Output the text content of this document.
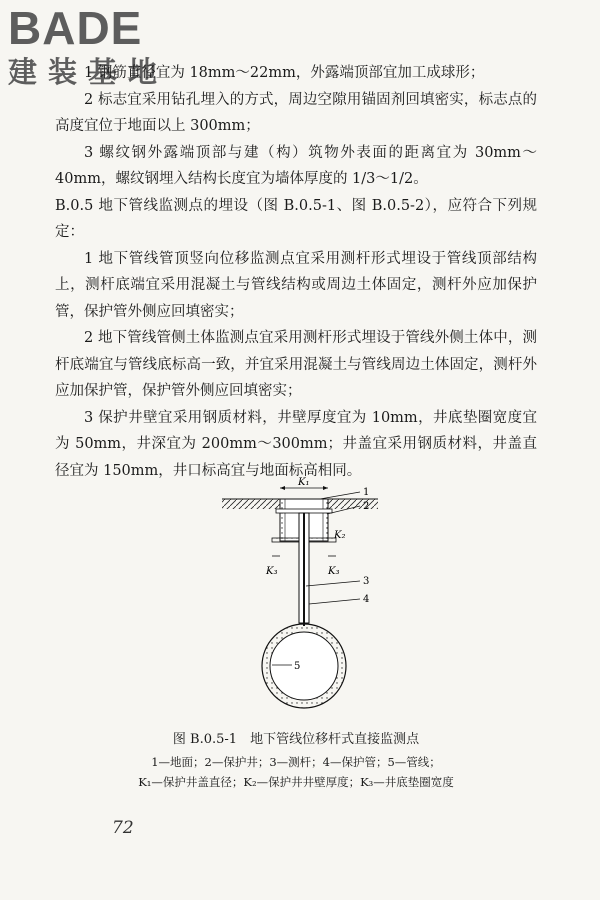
BADE
建装基地

1 钢筋直径宜为 18mm～22mm，外露端顶部宜加工成球形；

2 标志宜采用钻孔埋入的方式，周边空隙用锚固剂回填密实，标志点的高度宜位于地面以上 300mm；

3 螺纹钢外露端顶部与建（构）筑物外表面的距离宜为 30mm～40mm，螺纹钢埋入结构长度宜为墙体厚度的 1/3～1/2。

B.0.5 地下管线监测点的埋设（图 B.0.5-1、图 B.0.5-2），应符合下列规定：

1 地下管线管顶竖向位移监测点宜采用测杆形式埋设于管线顶部结构上，测杆底端宜采用混凝土与管线结构或周边土体固定，测杆外应加保护管，保护管外侧应回填密实；

2 地下管线管侧土体监测点宜采用测杆形式埋设于管线外侧土体中，测杆底端宜与管线底标高一致，并宜采用混凝土与管线周边土体固定，测杆外应加保护管，保护管外侧应回填密实；

3 保护井壁宜采用钢质材料，井壁厚度宜为 10mm，井底垫圈宽度宜为 50mm，井深宜为 200mm～300mm；井盖宜采用钢质材料，井盖直径宜为 150mm，井口标高宜与地面标高相同。

K₁
K₃	K₃
K₂
1
2
3
4
5
图 B.0.5-1　地下管线位移杆式直接监测点
1—地面；2—保护井；3—测杆；4—保护管；5—管线；
K₁—保护井盖直径；K₂—保护井井壁厚度；K₃—井底垫圈宽度
72
